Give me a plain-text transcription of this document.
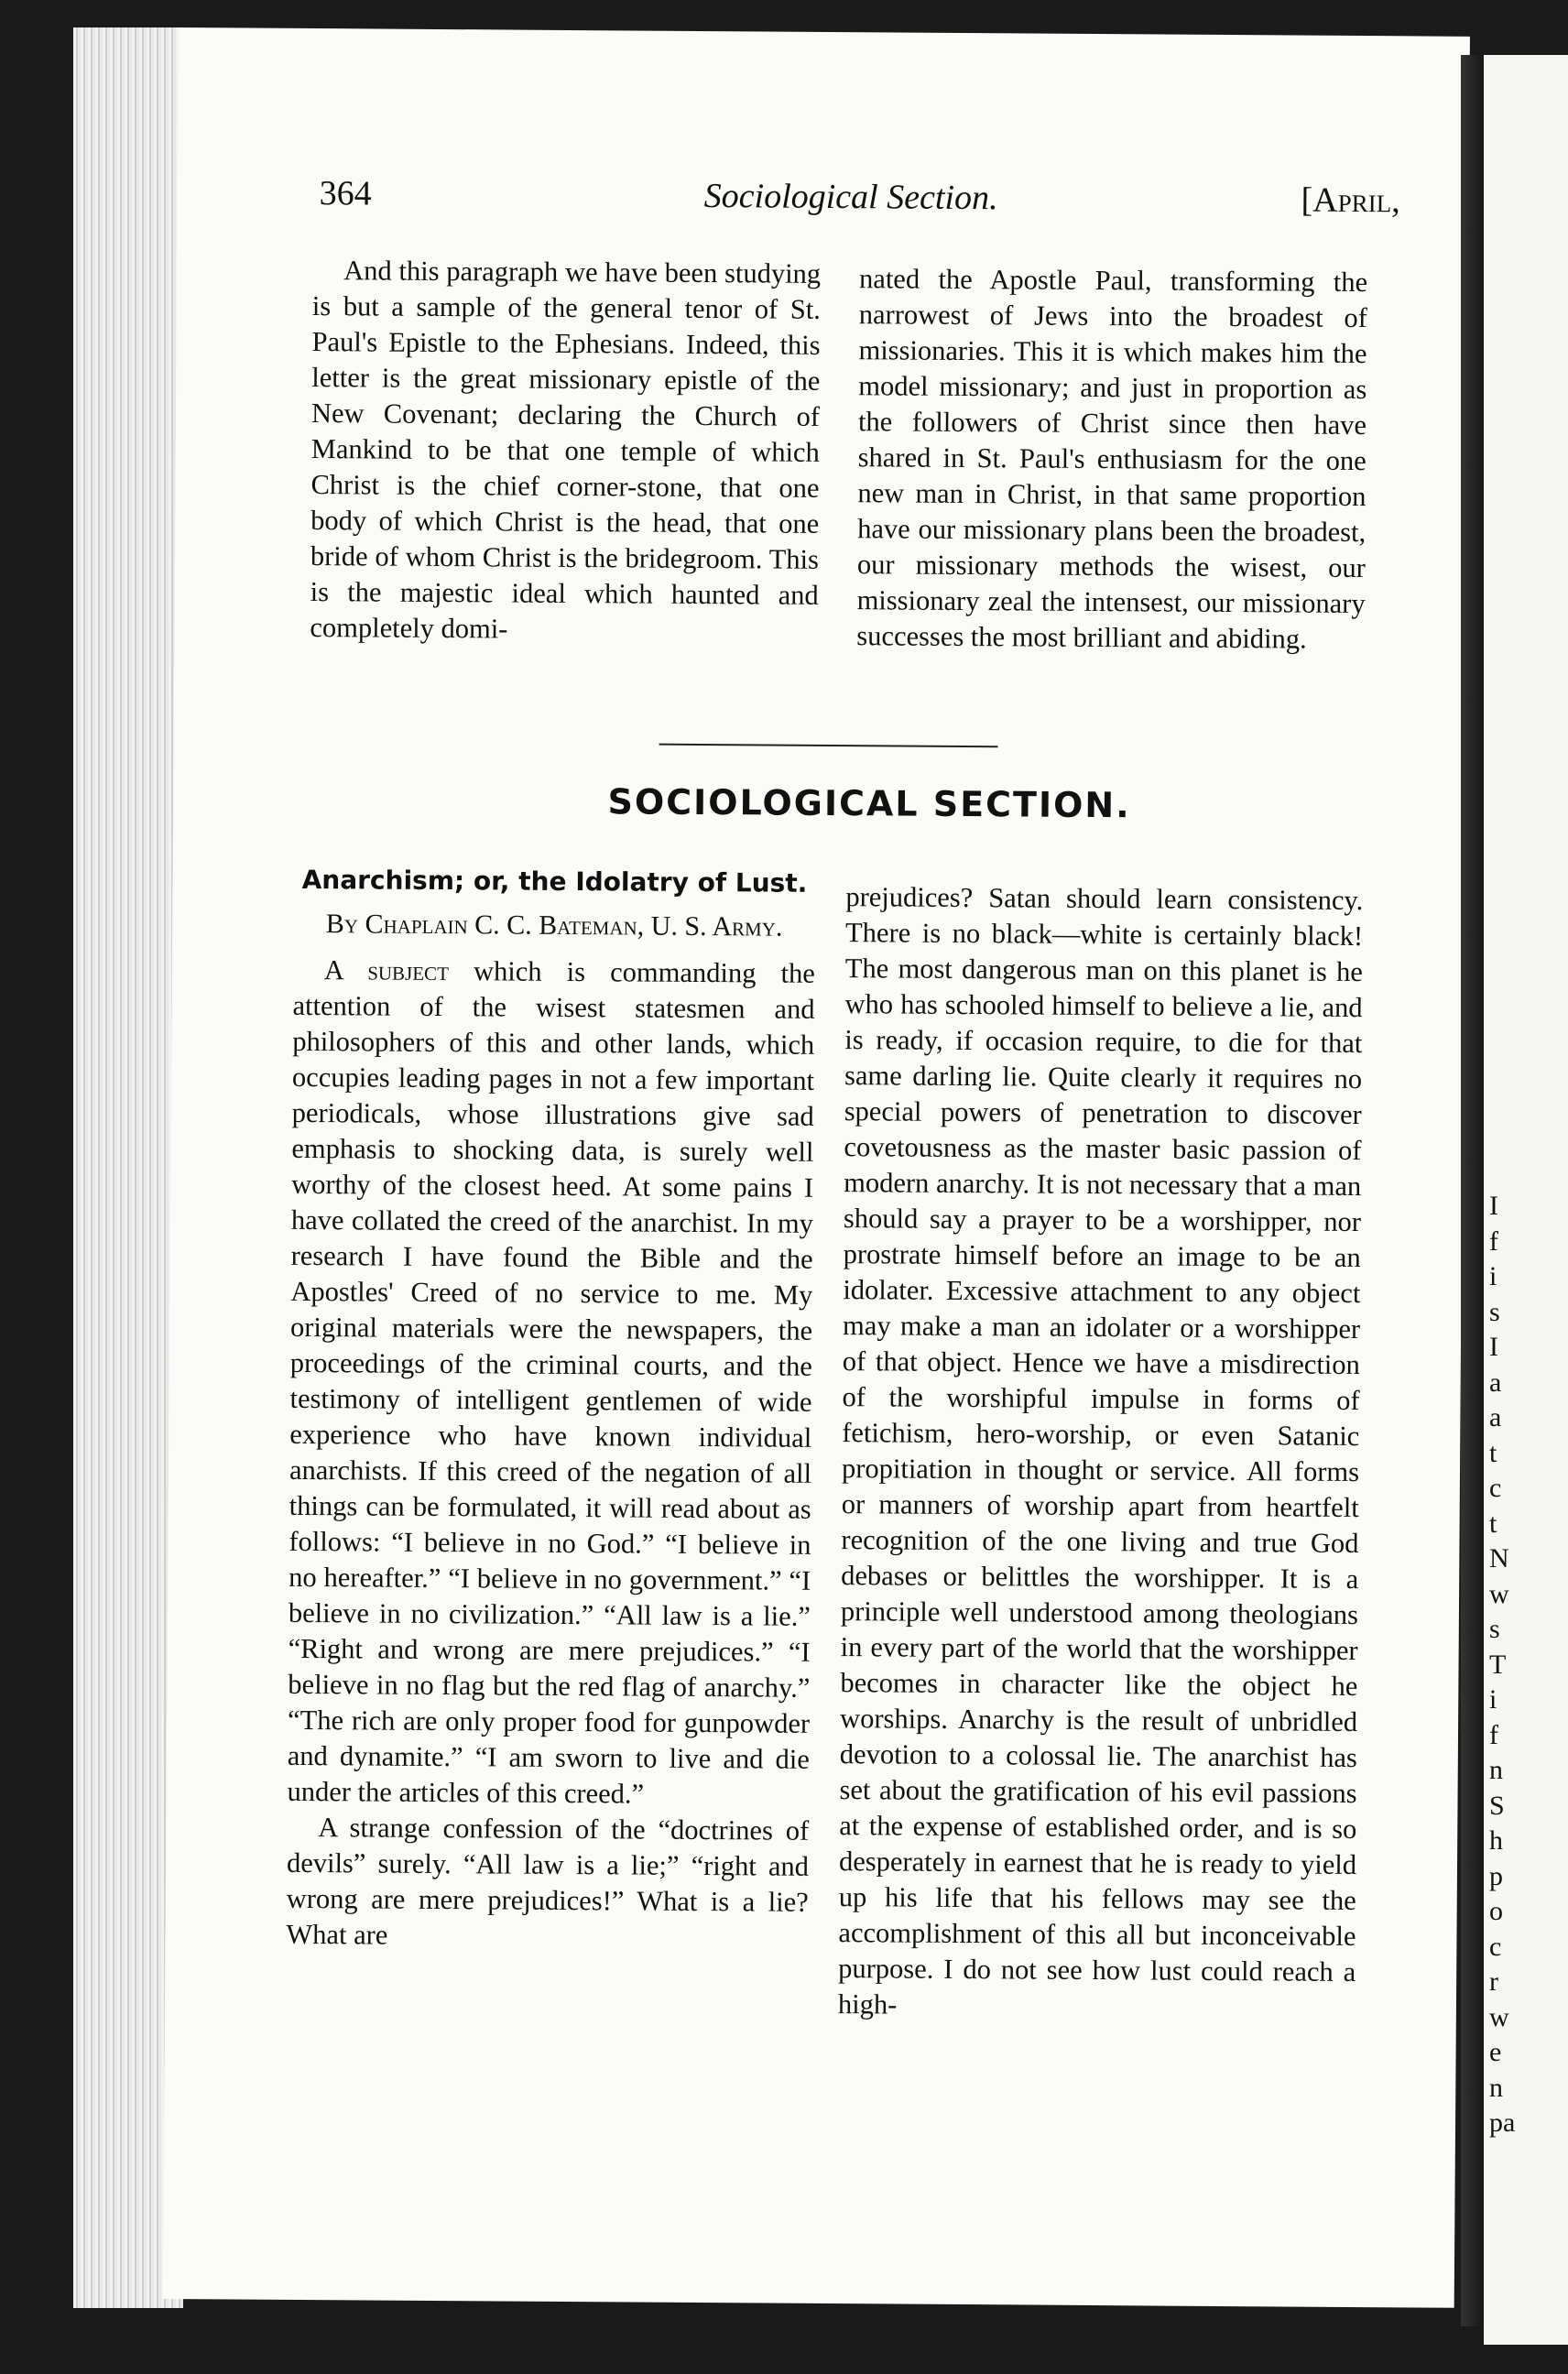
364	Sociological Section.	[April,

And this paragraph we have been studying is but a sample of the general tenor of St. Paul's Epistle to the Ephesians. Indeed, this letter is the great missionary epistle of the New Covenant; declaring the Church of Mankind to be that one temple of which Christ is the chief corner-stone, that one body of which Christ is the head, that one bride of whom Christ is the bridegroom. This is the majestic ideal which haunted and completely domi-

nated the Apostle Paul, transforming the narrowest of Jews into the broadest of missionaries. This it is which makes him the model missionary; and just in proportion as the followers of Christ since then have shared in St. Paul's enthusiasm for the one new man in Christ, in that same proportion have our missionary plans been the broadest, our missionary methods the wisest, our missionary zeal the intensest, our missionary successes the most brilliant and abiding.

SOCIOLOGICAL SECTION.
Anarchism; or, the Idolatry of Lust.
By Chaplain C. C. Bateman, U. S. Army.

A subject which is commanding the attention of the wisest statesmen and philosophers of this and other lands, which occupies leading pages in not a few important periodicals, whose illustrations give sad emphasis to shocking data, is surely well worthy of the closest heed. At some pains I have collated the creed of the anarchist. In my research I have found the Bible and the Apostles' Creed of no service to me. My original materials were the newspapers, the proceedings of the criminal courts, and the testimony of intelligent gentlemen of wide experience who have known individual anarchists. If this creed of the negation of all things can be formulated, it will read about as follows: “I believe in no God.” “I believe in no hereafter.” “I believe in no government.” “I believe in no civilization.” “All law is a lie.” “Right and wrong are mere prejudices.” “I believe in no flag but the red flag of anarchy.” “The rich are only proper food for gunpowder and dynamite.” “I am sworn to live and die under the articles of this creed.”

A strange confession of the “doctrines of devils” surely. “All law is a lie;” “right and wrong are mere prejudices!” What is a lie? What are

prejudices? Satan should learn consistency. There is no black—white is certainly black! The most dangerous man on this planet is he who has schooled himself to believe a lie, and is ready, if occasion require, to die for that same darling lie. Quite clearly it requires no special powers of penetration to discover covetousness as the master basic passion of modern anarchy. It is not necessary that a man should say a prayer to be a worshipper, nor prostrate himself before an image to be an idolater. Excessive attachment to any object may make a man an idolater or a worshipper of that object. Hence we have a misdirection of the worshipful impulse in forms of fetichism, hero-worship, or even Satanic propitiation in thought or service. All forms or manners of worship apart from heartfelt recognition of the one living and true God debases or belittles the worshipper. It is a principle well understood among theologians in every part of the world that the worshipper becomes in character like the object he worships. Anarchy is the result of unbridled devotion to a colossal lie. The anarchist has set about the gratification of his evil passions at the expense of established order, and is so desperately in earnest that he is ready to yield up his life that his fellows may see the accomplishment of this all but inconceivable purpose. I do not see how lust could reach a high-

I
f
i
s
I
a
a
t
c
t
N
w
s
T
i
f
n
S
h
p
o
c
r
w
e
n
pa
